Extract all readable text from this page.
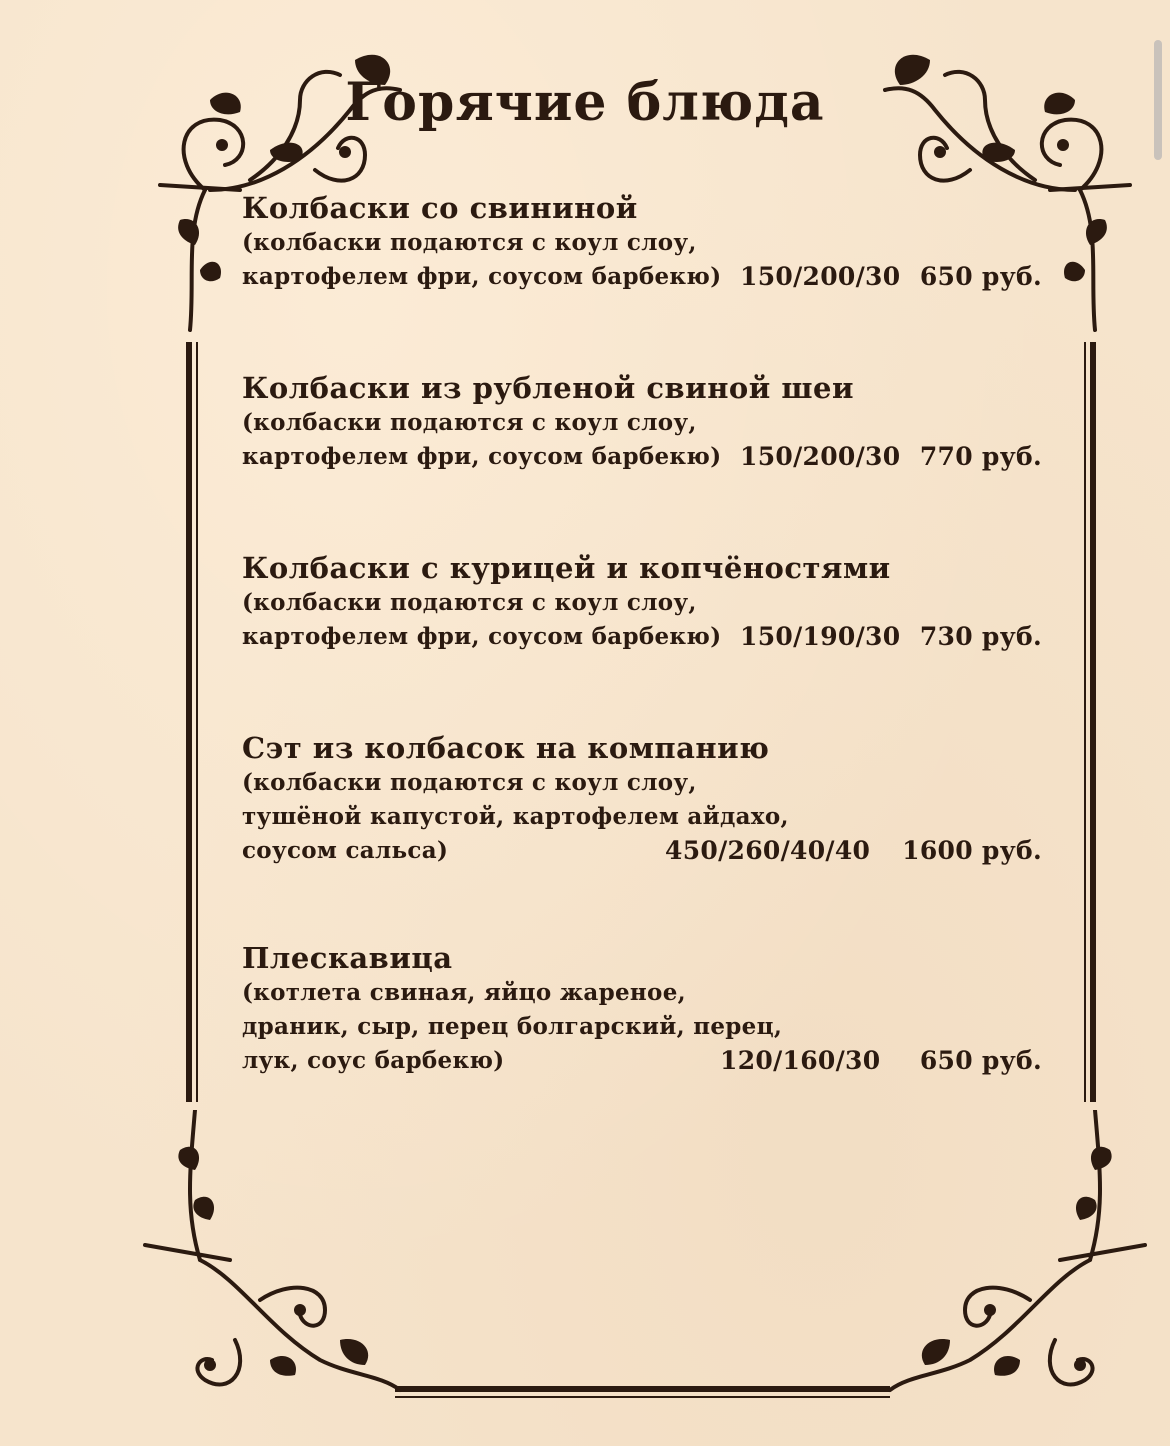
Горячие блюда
Колбаски со свининой
(колбаски подаются с коул слоу,
картофелем фри, соусом барбекю) 150/200/30 650 руб.
Колбаски из рубленой свиной шеи
(колбаски подаются с коул слоу,
картофелем фри, соусом барбекю) 150/200/30 770 руб.
Колбаски с курицей и копчёностями
(колбаски подаются с коул слоу,
картофелем фри, соусом барбекю) 150/190/30 730 руб.
Сэт из колбасок на компанию
(колбаски подаются с коул слоу,
тушёной капустой, картофелем айдахо,
соусом сальса)	450/260/40/40 1600 руб.
Плескавица
(котлета свиная, яйцо жареное,
драник, сыр, перец болгарский, перец,
лук, соус барбекю)	120/160/30 650 руб.
